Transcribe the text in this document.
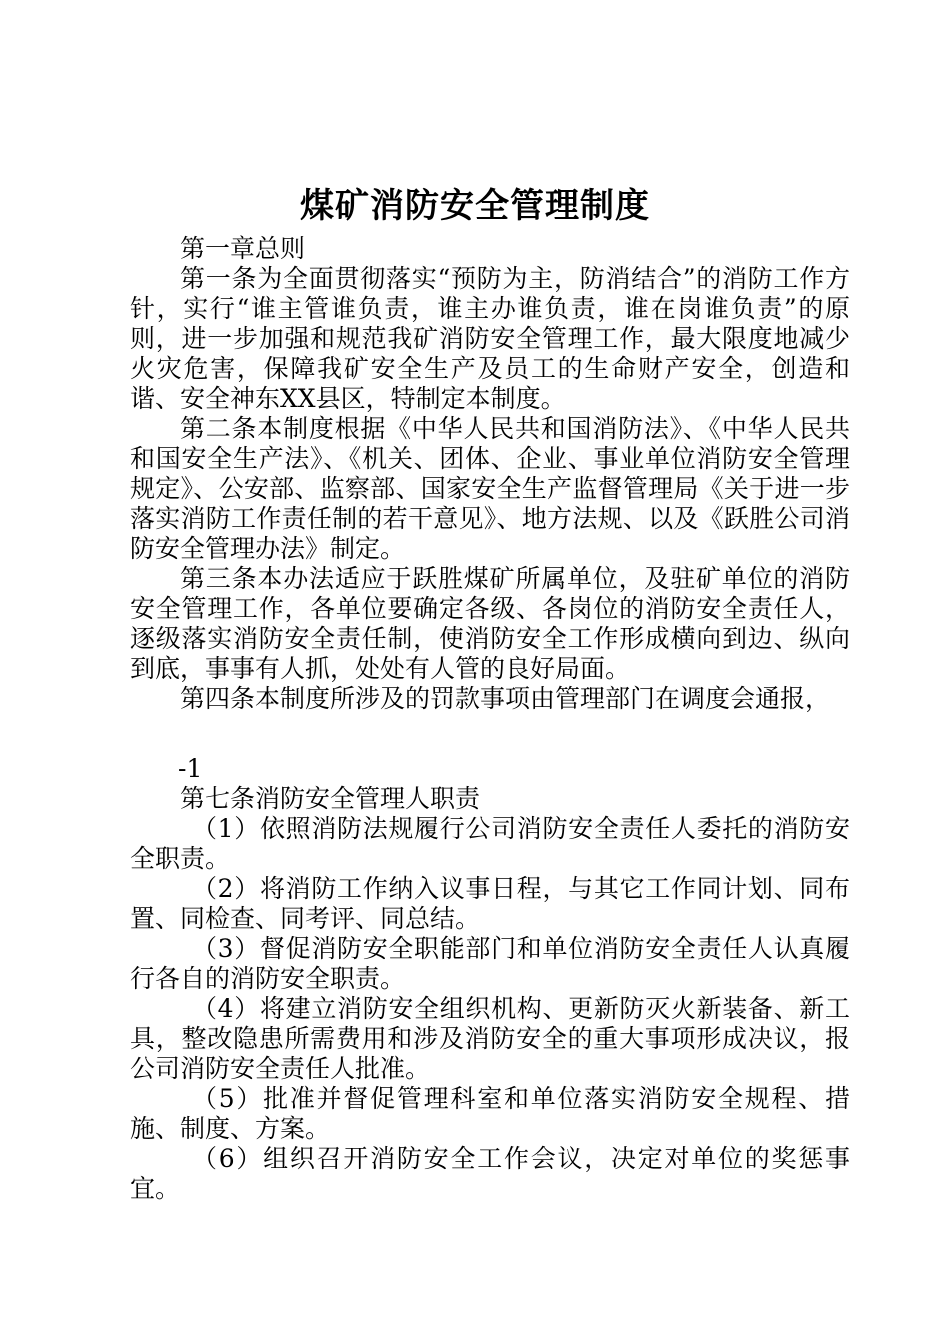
煤矿消防安全管理制度

第一章总则

第一条为全面贯彻落实“预防为主，防消结合”的消防工作方针，实行“谁主管谁负责，谁主办谁负责，谁在岗谁负责”的原则，进一步加强和规范我矿消防安全管理工作，最大限度地减少火灾危害，保障我矿安全生产及员工的生命财产安全，创造和谐、安全神东XX县区，特制定本制度。

第二条本制度根据《中华人民共和国消防法》、《中华人民共和国安全生产法》、《机关、团体、企业、事业单位消防安全管理规定》、公安部、监察部、国家安全生产监督管理局《关于进一步落实消防工作责任制的若干意见》、地方法规、以及《跃胜公司消防安全管理办法》制定。

第三条本办法适应于跃胜煤矿所属单位，及驻矿单位的消防安全管理工作，各单位要确定各级、各岗位的消防安全责任人，逐级落实消防安全责任制，使消防安全工作形成横向到边、纵向到底，事事有人抓，处处有人管的良好局面。

第四条本制度所涉及的罚款事项由管理部门在调度会通报，

-1

第七条消防安全管理人职责

（1）依照消防法规履行公司消防安全责任人委托的消防安全职责。

（2）将消防工作纳入议事日程，与其它工作同计划、同布置、同检查、同考评、同总结。

（3）督促消防安全职能部门和单位消防安全责任人认真履行各自的消防安全职责。

（4）将建立消防安全组织机构、更新防灭火新装备、新工具，整改隐患所需费用和涉及消防安全的重大事项形成决议，报公司消防安全责任人批准。

（5）批准并督促管理科室和单位落实消防安全规程、措施、制度、方案。

（6）组织召开消防安全工作会议，决定对单位的奖惩事宜。
